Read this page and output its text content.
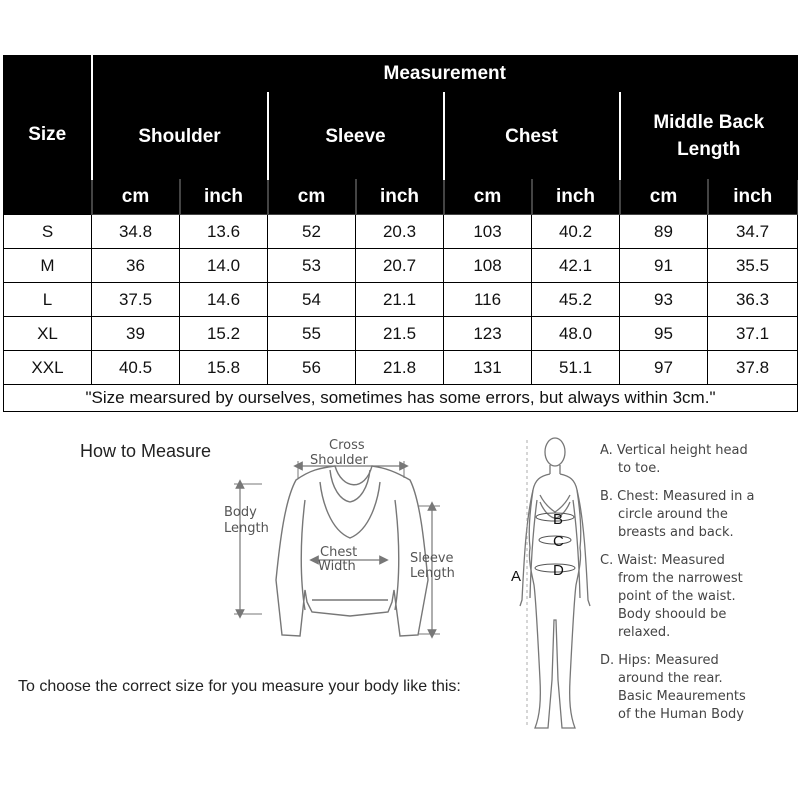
Size	Measurement							
	Shoulder		Sleeve		Chest		Middle Back Length	
	cm	inch	cm	inch	cm	inch	cm	inch
S	34.8	13.6	52	20.3	103	40.2	89	34.7
M	36	14.0	53	20.7	108	42.1	91	35.5
L	37.5	14.6	54	21.1	116	45.2	93	36.3
XL	39	15.2	55	21.5	123	48.0	95	37.1
XXL	40.5	15.8	56	21.8	131	51.1	97	37.8
"Size mearsured by ourselves, sometimes has some errors, but always within 3cm."								
How to Measure
To choose the correct size for you measure your body like this:
Cross
Shoulder
Body
Length
Chest
Width
Sleeve
Length
B
C
D
A
A. Vertical height head
to toe.
B. Chest: Measured in a
circle around the
breasts and back.
C. Waist: Measured
from the narrowest
point of the waist.
Body shoould be
relaxed.
D. Hips: Measured
around the rear.
Basic Meaurements
of the Human Body
